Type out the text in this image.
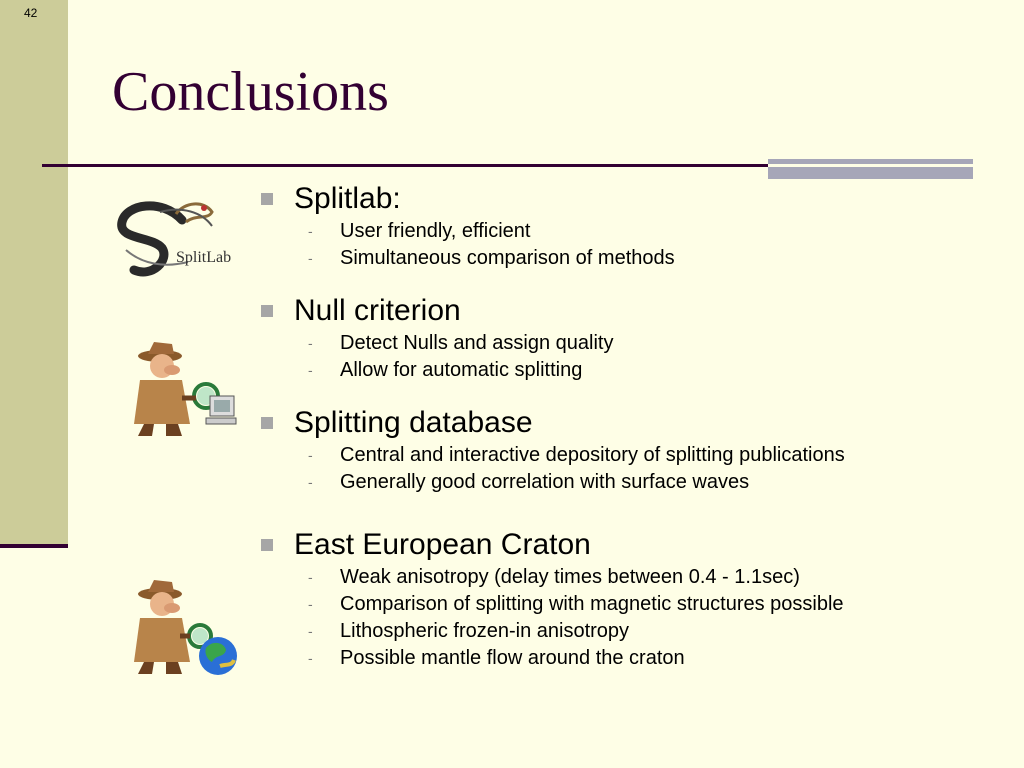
42
Conclusions
SplitLab
Splitlab:
- User friendly, efficient
- Simultaneous comparison of methods
Null criterion
- Detect Nulls and assign quality
- Allow for automatic splitting
Splitting database
- Central and interactive depository of splitting publications
- Generally good correlation with surface waves
East European Craton
- Weak anisotropy (delay times between 0.4 - 1.1sec)
- Comparison of splitting with magnetic structures possible
- Lithospheric frozen-in anisotropy
- Possible mantle flow around the craton
